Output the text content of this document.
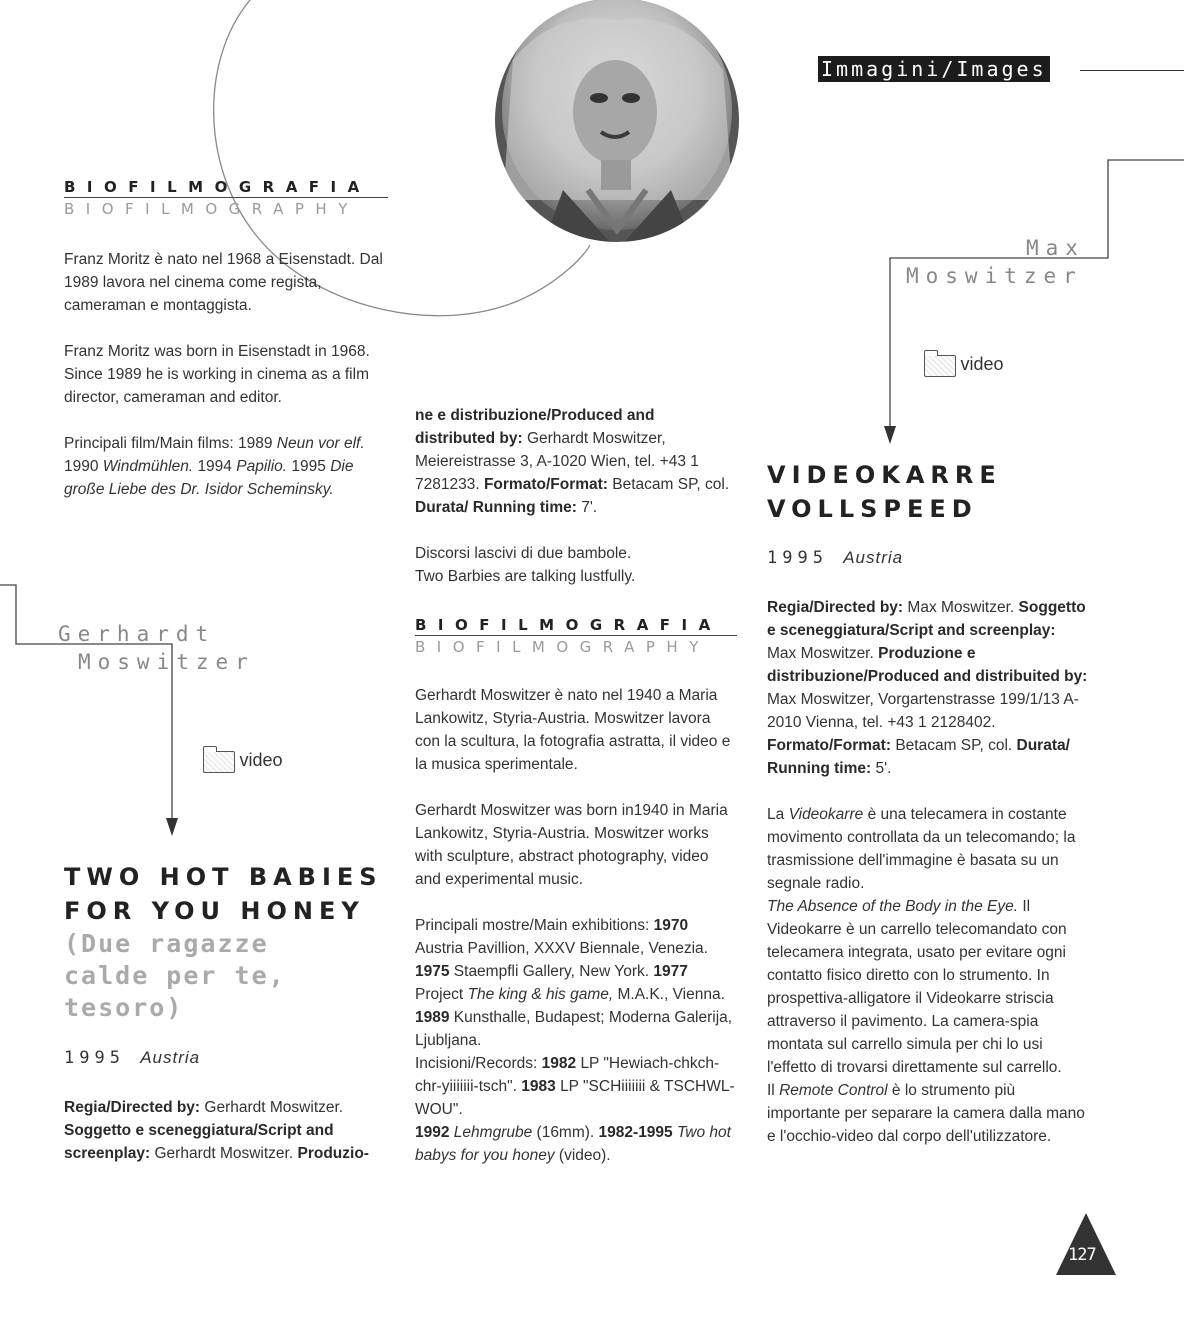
Immagini/Images
BIOFILMOGRAFIA
BIOFILMOGRAPHY

Franz Moritz è nato nel 1968 a Eisenstadt. Dal 1989 lavora nel cinema come regista, cameraman e montaggista.

Franz Moritz was born in Eisenstadt in 1968. Since 1989 he is working in cinema as a film director, cameraman and editor.

Principali film/Main films: 1989 Neun vor elf. 1990 Windmühlen. 1994 Papilio. 1995 Die große Liebe des Dr. Isidor Scheminsky.

Gerhardt
Moswitzer
video
TWO HOT BABIES
FOR YOU HONEY
(Due ragazze
calde per te,
tesoro)
1995 Austria

Regia/Directed by: Gerhardt Moswitzer. Soggetto e sceneggiatura/Script and screenplay: Gerhardt Moswitzer. Produzio-

ne e distribuzione/Produced and distributed by: Gerhardt Moswitzer, Meiereistrasse 3, A-1020 Wien, tel. +43 1 7281233. Formato/Format: Betacam SP, col. Durata/ Running time: 7'.

Discorsi lascivi di due bambole.

Two Barbies are talking lustfully.

BIOFILMOGRAFIA
BIOFILMOGRAPHY

Gerhardt Moswitzer è nato nel 1940 a Maria Lankowitz, Styria-Austria. Moswitzer lavora con la scultura, la fotografia astratta, il video e la musica sperimentale.

Gerhardt Moswitzer was born in1940 in Maria Lankowitz, Styria-Austria. Moswitzer works with sculpture, abstract photography, video and experimental music.

Principali mostre/Main exhibitions: 1970 Austria Pavillion, XXXV Biennale, Venezia. 1975 Staempfli Gallery, New York. 1977 Project The king & his game, M.A.K., Vienna. 1989 Kunsthalle, Budapest; Moderna Galerija, Ljubljana.

Incisioni/Records: 1982 LP "Hewiach-chkch-chr-yiiiiiii-tsch". 1983 LP "SCHiiiiiii & TSCHWL-WOU".

1992 Lehmgrube (16mm). 1982-1995 Two hot babys for you honey (video).

Max
Moswitzer
video
VIDEOKARRE
VOLLSPEED
1995 Austria

Regia/Directed by: Max Moswitzer. Soggetto e sceneggiatura/Script and screenplay: Max Moswitzer. Produzione e distribuzione/Produced and distribuited by: Max Moswitzer, Vorgartenstrasse 199/1/13 A-2010 Vienna, tel. +43 1 2128402. Formato/Format: Betacam SP, col. Durata/ Running time: 5'.

La Videokarre è una telecamera in costante movimento controllata da un telecomando; la trasmissione dell'immagine è basata su un segnale radio.

The Absence of the Body in the Eye. Il Videokarre è un carrello telecomandato con telecamera integrata, usato per evitare ogni contatto fisico diretto con lo strumento. In prospettiva-alligatore il Videokarre striscia attraverso il pavimento. La camera-spia montata sul carrello simula per chi lo usi l'effetto di trovarsi direttamente sul carrello.

Il Remote Control è lo strumento più importante per separare la camera dalla mano e l'occhio-video dal corpo dell'utilizzatore.

127
